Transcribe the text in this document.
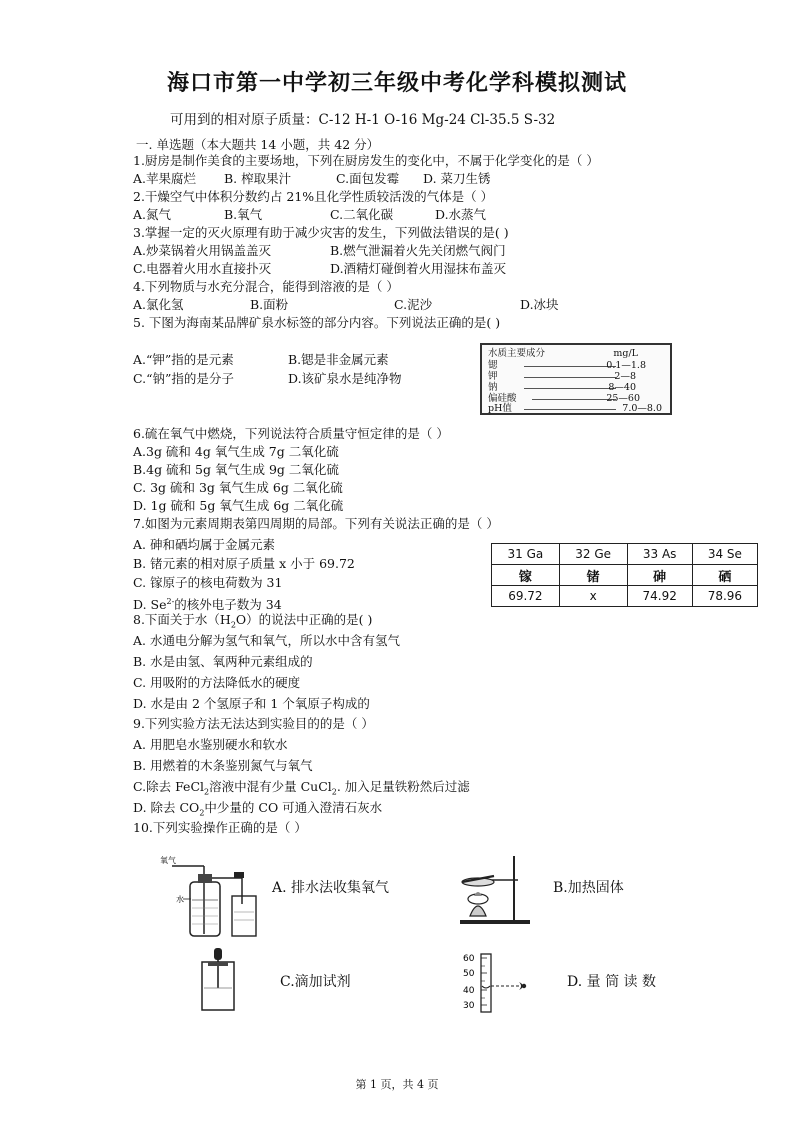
海口市第一中学初三年级中考化学科模拟测试
可用到的相对原子质量：C-12 H-1 O-16 Mg-24 Cl-35.5 S-32
一. 单选题（本大题共 14 小题，共 42 分）
1.厨房是制作美食的主要场地，下列在厨房发生的变化中，不属于化学变化的是（ ）
A.苹果腐烂 B. 榨取果汁	C.面包发霉 D. 菜刀生锈
2.干燥空气中体积分数约占 21%且化学性质较活泼的气体是（ ）
A.氮气	B.氧气	C.二氧化碳	D.水蒸气
3.掌握一定的灭火原理有助于减少灾害的发生，下列做法错误的是( )
A.炒菜锅着火用锅盖盖灭	B.燃气泄漏着火先关闭燃气阀门
C.电器着火用水直接扑灭	D.酒精灯碰倒着火用湿抹布盖灭
4.下列物质与水充分混合，能得到溶液的是（ ）
A.氯化氢	B.面粉	C.泥沙	D.冰块
5. 下图为海南某品牌矿泉水标签的部分内容。下列说法正确的是( )
A.“钾”指的是元素	B.锶是非金属元素
C.“钠”指的是分子	D.该矿泉水是纯净物
水质主要成分	mg/L
锶	0.1—1.8
钾	2—8
钠	8—40
偏硅酸	25—60
pH值	7.0—8.0
6.硫在氧气中燃烧，下列说法符合质量守恒定律的是（ ）
A.3g 硫和 4g 氧气生成 7g 二氧化硫
B.4g 硫和 5g 氧气生成 9g 二氧化硫
C. 3g 硫和 3g 氧气生成 6g 二氧化硫
D. 1g 硫和 5g 氧气生成 6g 二氧化硫
7.如图为元素周期表第四周期的局部。下列有关说法正确的是（ ）
A. 砷和硒均属于金属元素
B. 锗元素的相对原子质量 x 小于 69.72
C. 镓原子的核电荷数为 31
D. $Se^{2-}$的核外电子数为 34
31 Ga	32 Ge	33 As	34 Se
镓	锗	砷	硒
69.72	x	74.92	78.96
8.下面关于水$(H_2O)$的说法中正确的是( )
A. 水通电分解为氢气和氧气，所以水中含有氢气
B. 水是由氢、氧两种元素组成的
C. 用吸附的方法降低水的硬度
D. 水是由 2 个氢原子和 1 个氧原子构成的
9.下列实验方法无法达到实验目的的是（ ）
A. 用肥皂水鉴别硬水和软水
B. 用燃着的木条鉴别氮气与氧气
C.除去 FeCl$_2$溶液中混有少量 CuCl$_2$. 加入足量铁粉然后过滤
D. 除去 $CO_2$中少量的 CO 可通入澄清石灰水
10.下列实验操作正确的是（ ）
氧气
水
A. 排水法收集氧气	B.加热固体
C.滴加试剂
60
50
40
30
D. 量 筒 读 数
第 1 页，共 4 页
